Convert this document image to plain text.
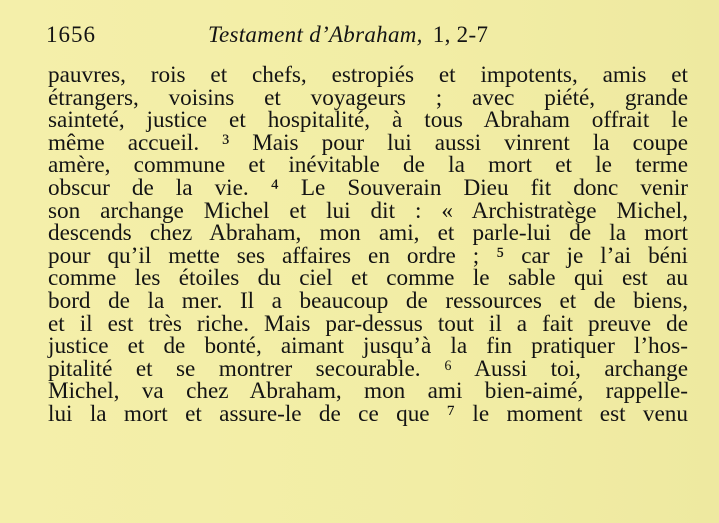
1656	Testament d’Abraham, 1, 2-7
pauvres, rois et chefs, estropiés et impotents, amis et
étrangers, voisins et voyageurs ; avec piété, grande
sainteté, justice et hospitalité, à tous Abraham offrait le
même accueil. ³ Mais pour lui aussi vinrent la coupe
amère, commune et inévitable de la mort et le terme
obscur de la vie. ⁴ Le Souverain Dieu fit donc venir
son archange Michel et lui dit : « Archistratège Michel,
descends chez Abraham, mon ami, et parle-lui de la mort
pour qu’il mette ses affaires en ordre ; ⁵ car je l’ai béni
comme les étoiles du ciel et comme le sable qui est au
bord de la mer. Il a beaucoup de ressources et de biens,
et il est très riche. Mais par-dessus tout il a fait preuve de
justice et de bonté, aimant jusqu’à la fin pratiquer l’hos-
pitalité et se montrer secourable. ⁶ Aussi toi, archange
Michel, va chez Abraham, mon ami bien-aimé, rappelle-
lui la mort et assure-le de ce que ⁷ le moment est venu
